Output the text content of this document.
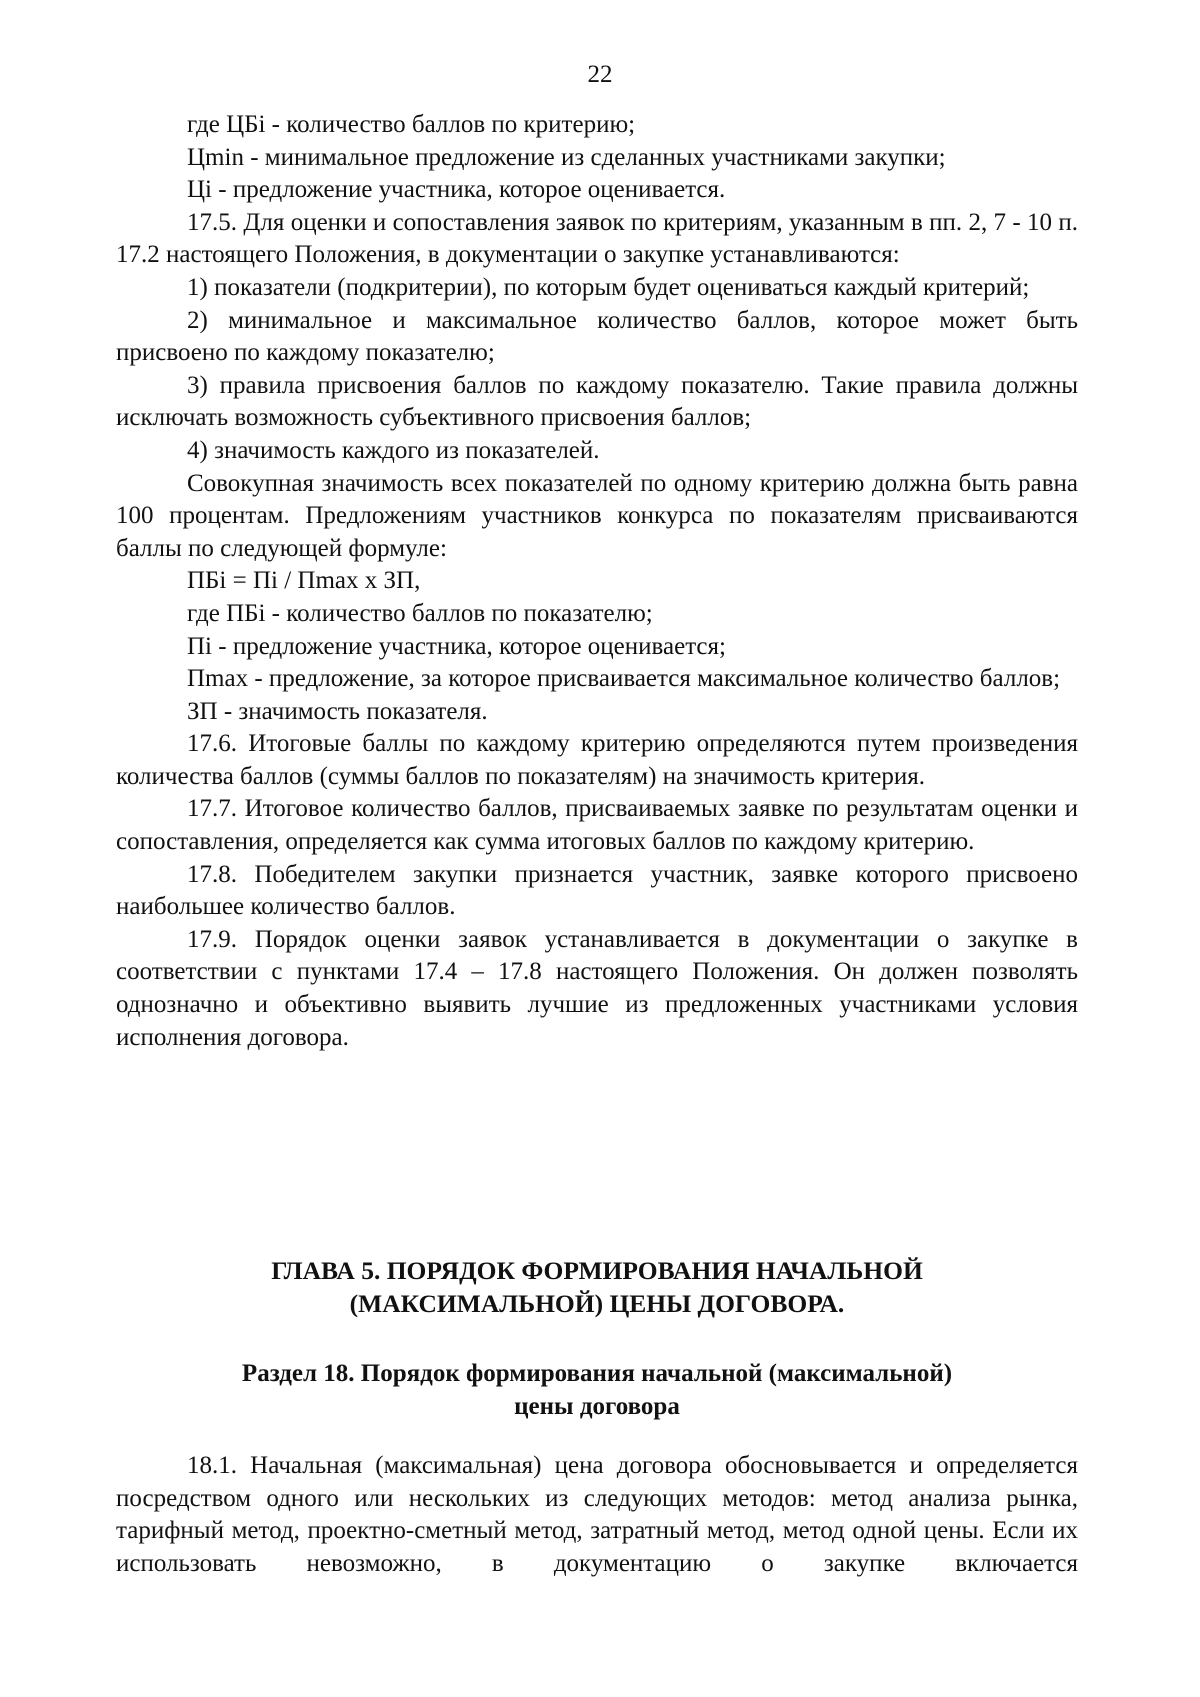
22

где ЦБi - количество баллов по критерию;

Цmin - минимальное предложение из сделанных участниками закупки;

Цi - предложение участника, которое оценивается.

17.5. Для оценки и сопоставления заявок по критериям, указанным в пп. 2, 7 - 10 п. 17.2 настоящего Положения, в документации о закупке устанавливаются:

1) показатели (подкритерии), по которым будет оцениваться каждый критерий;

2) минимальное и максимальное количество баллов, которое может быть присвоено по каждому показателю;

3) правила присвоения баллов по каждому показателю. Такие правила должны исключать возможность субъективного присвоения баллов;

4) значимость каждого из показателей.

Совокупная значимость всех показателей по одному критерию должна быть равна 100 процентам. Предложениям участников конкурса по показателям присваиваются баллы по следующей формуле:

ПБi = Пi / Пmax x ЗП,

где ПБi - количество баллов по показателю;

Пi - предложение участника, которое оценивается;

Пmax - предложение, за которое присваивается максимальное количество баллов;

ЗП - значимость показателя.

17.6. Итоговые баллы по каждому критерию определяются путем произведения количества баллов (суммы баллов по показателям) на значимость критерия.

17.7. Итоговое количество баллов, присваиваемых заявке по результатам оценки и сопоставления, определяется как сумма итоговых баллов по каждому критерию.

17.8. Победителем закупки признается участник, заявке которого присвоено наибольшее количество баллов.

17.9. Порядок оценки заявок устанавливается в документации о закупке в соответствии с пунктами 17.4 – 17.8 настоящего Положения. Он должен позволять однозначно и объективно выявить лучшие из предложенных участниками условия исполнения договора.

ГЛАВА 5. ПОРЯДОК ФОРМИРОВАНИЯ НАЧАЛЬНОЙ
(МАКСИМАЛЬНОЙ) ЦЕНЫ ДОГОВОРА.
Раздел 18. Порядок формирования начальной (максимальной)
цены договора

18.1. Начальная (максимальная) цена договора обосновывается и определяется посредством одного или нескольких из следующих методов: метод анализа рынка, тарифный метод, проектно-сметный метод, затратный метод, метод одной цены. Если их использовать невозможно, в документацию о закупке включается
